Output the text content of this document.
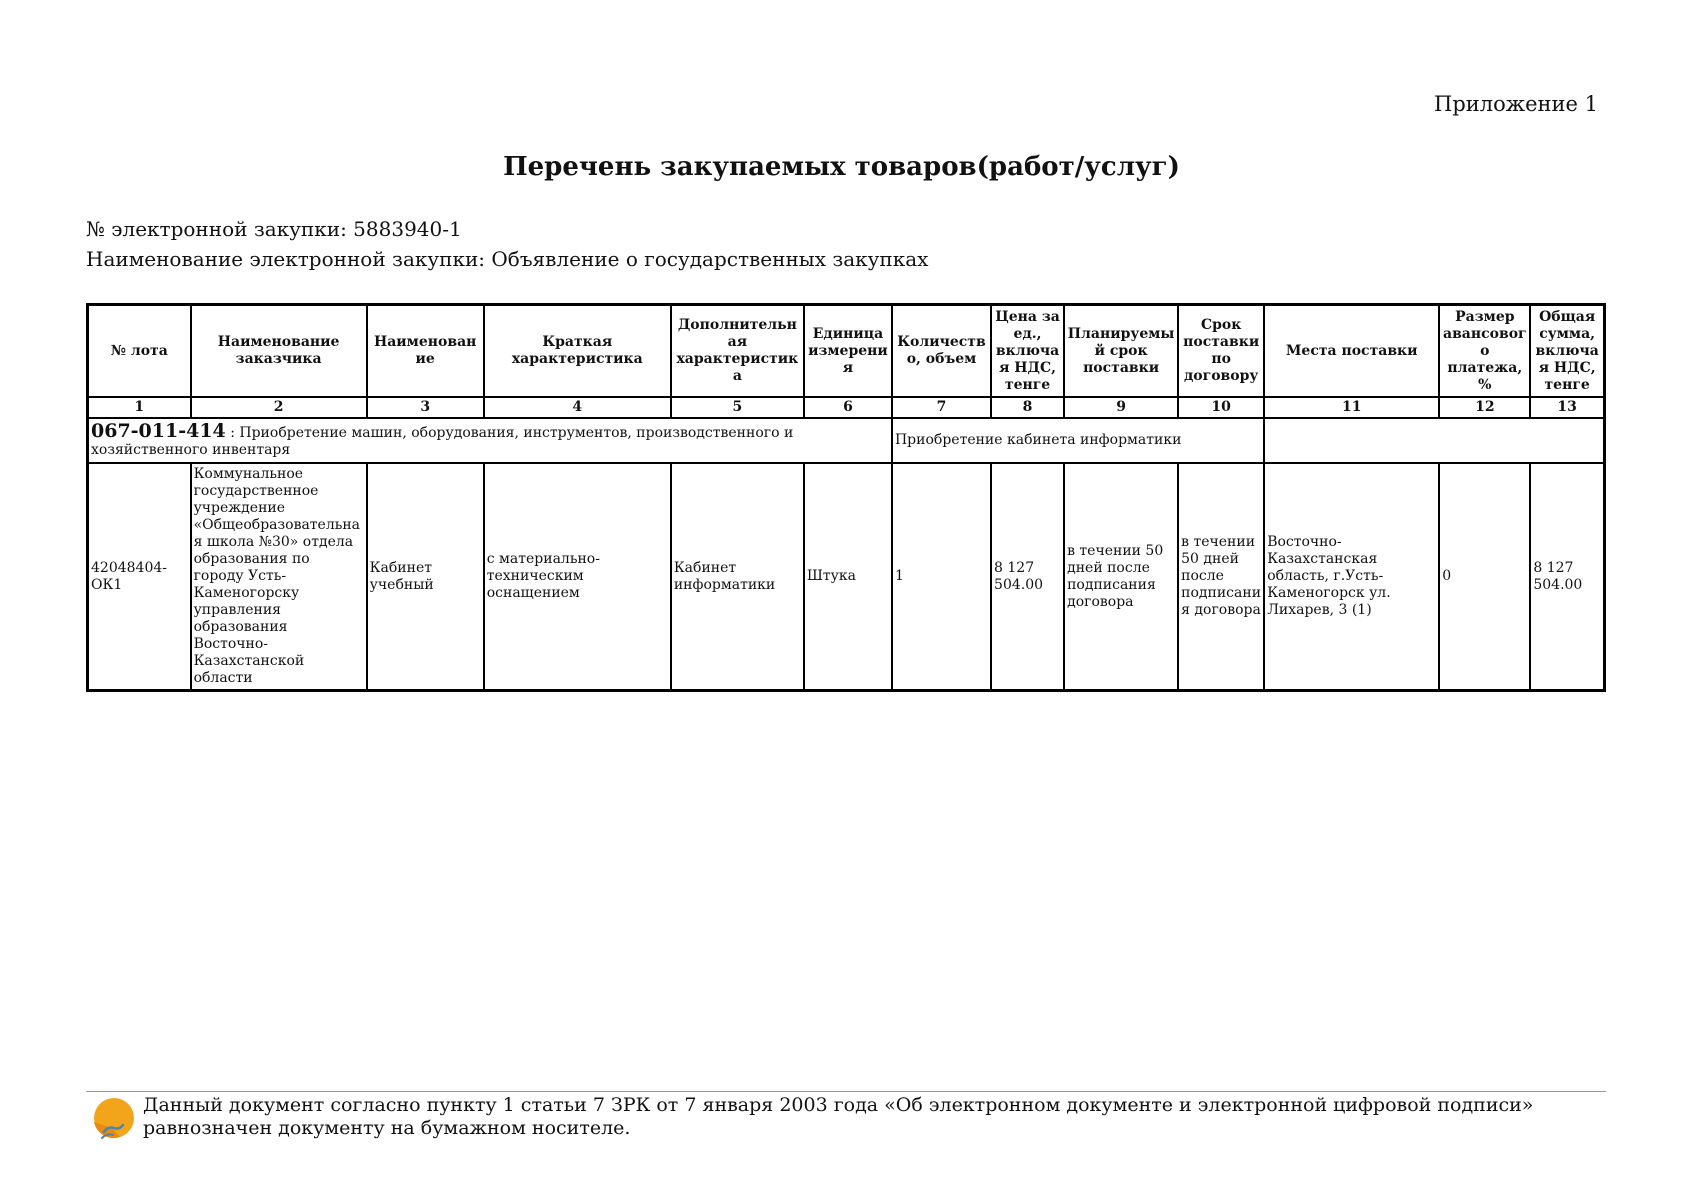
Приложение 1
Перечень закупаемых товаров(работ/услуг)
№ электронной закупки: 5883940-1
Наименование электронной закупки: Объявление о государственных закупках
№ лота	Наименование заказчика	Наименование	Краткая характеристика	Дополнительная характеристика	Единица измерения	Количество, объем	Цена за ед., включая НДС, тенге	Планируемый срок поставки	Срок поставки по договору	Места поставки	Размер авансового платежа, %	Общая сумма, включая НДС, тенге
1	2	3	4	5	6	7	8	9	10	11	12	13
067-011-414 : Приобретение машин, оборудования, инструментов, производственного и хозяйственного инвентаря						Приобретение кабинета информатики						
42048404-ОК1	Коммунальное государственное учреждение «Общеобразовательная школа №30» отдела образования по городу Усть-Каменогорску управления образования Восточно-Казахстанской области	Кабинет учебный	с материально-техническим оснащением	Кабинет информатики	Штука	1	8 127 504.00	в течении 50 дней после подписания договора	в течении 50 дней после подписания договора	Восточно-Казахстанская область, г.Усть-Каменогорск ул. Лихарев, 3 (1)	0	8 127 504.00
Данный документ согласно пункту 1 статьи 7 ЗРК от 7 января 2003 года «Об электронном документе и электронной цифровой подписи» равнозначен документу на бумажном носителе.
